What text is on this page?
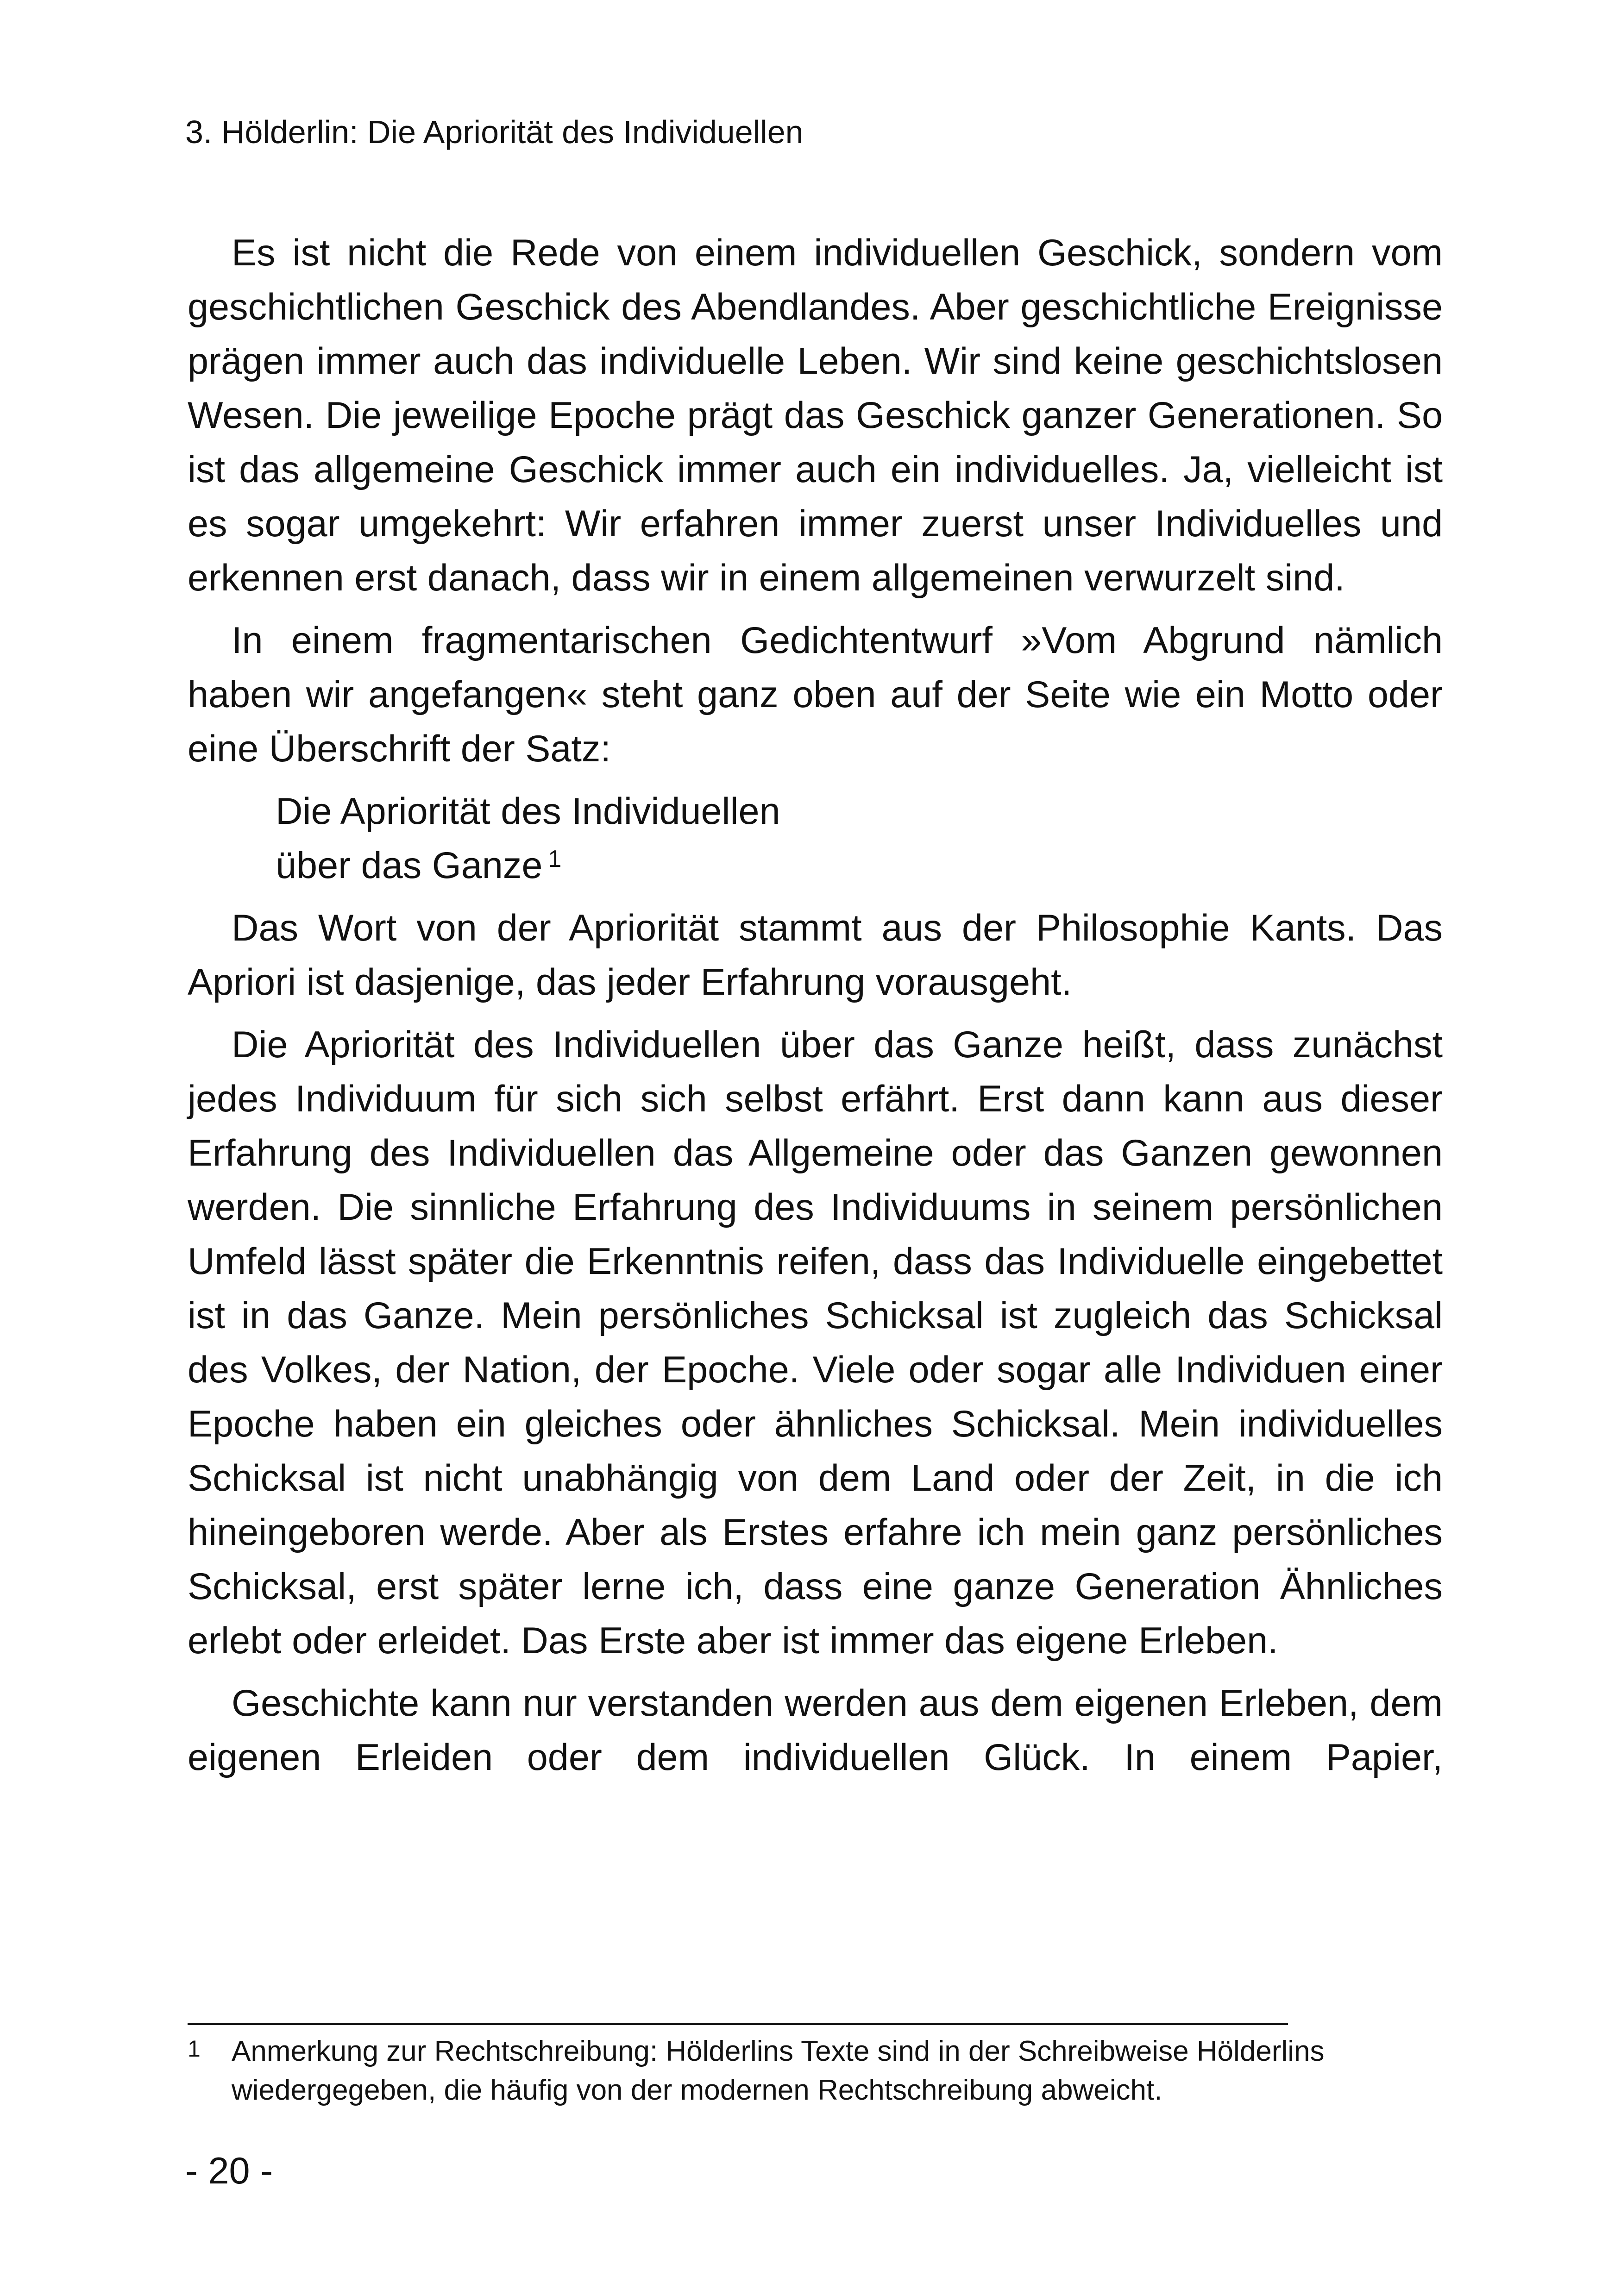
3. Hölderlin: Die Apriorität des Individuellen

Es ist nicht die Rede von einem individuellen Geschick, sondern vom geschichtlichen Geschick des Abendlandes. Aber geschichtliche Ereignisse prägen immer auch das individuelle Leben. Wir sind keine geschichtslosen Wesen. Die jeweilige Epoche prägt das Geschick ganzer Generationen. So ist das allgemeine Geschick immer auch ein individuelles. Ja, vielleicht ist es sogar umgekehrt: Wir erfahren immer zuerst unser Individuelles und erkennen erst danach, dass wir in einem allgemeinen verwurzelt sind.

In einem fragmentarischen Gedichtentwurf »Vom Abgrund nämlich haben wir angefangen« steht ganz oben auf der Seite wie ein Motto oder eine Überschrift der Satz:

Die Apriorität des Individuellen
über das Ganze $^1$

Das Wort von der Apriorität stammt aus der Philosophie Kants. Das Apriori ist dasjenige, das jeder Erfahrung vorausgeht.

Die Apriorität des Individuellen über das Ganze heißt, dass zunächst jedes Individuum für sich sich selbst erfährt. Erst dann kann aus dieser Erfahrung des Individuellen das Allgemeine oder das Ganzen gewonnen werden. Die sinnliche Erfahrung des Individuums in seinem persönlichen Umfeld lässt später die Erkenntnis reifen, dass das Individuelle eingebettet ist in das Ganze. Mein persönliches Schicksal ist zugleich das Schicksal des Volkes, der Nation, der Epoche. Viele oder sogar alle Individuen einer Epoche haben ein gleiches oder ähnliches Schicksal. Mein individuelles Schicksal ist nicht unabhängig von dem Land oder der Zeit, in die ich hineingeboren werde. Aber als Erstes erfahre ich mein ganz persönliches Schicksal, erst später lerne ich, dass eine ganze Generation Ähnliches erlebt oder erleidet. Das Erste aber ist immer das eigene Erleben.

Geschichte kann nur verstanden werden aus dem eigenen Erleben, dem eigenen Erleiden oder dem individuellen Glück. In einem Papier,

1 Anmerkung zur Rechtschreibung: Hölderlins Texte sind in der Schreibweise Hölderlins wiedergegeben, die häufig von der modernen Rechtschreibung abweicht.
- 20 -
